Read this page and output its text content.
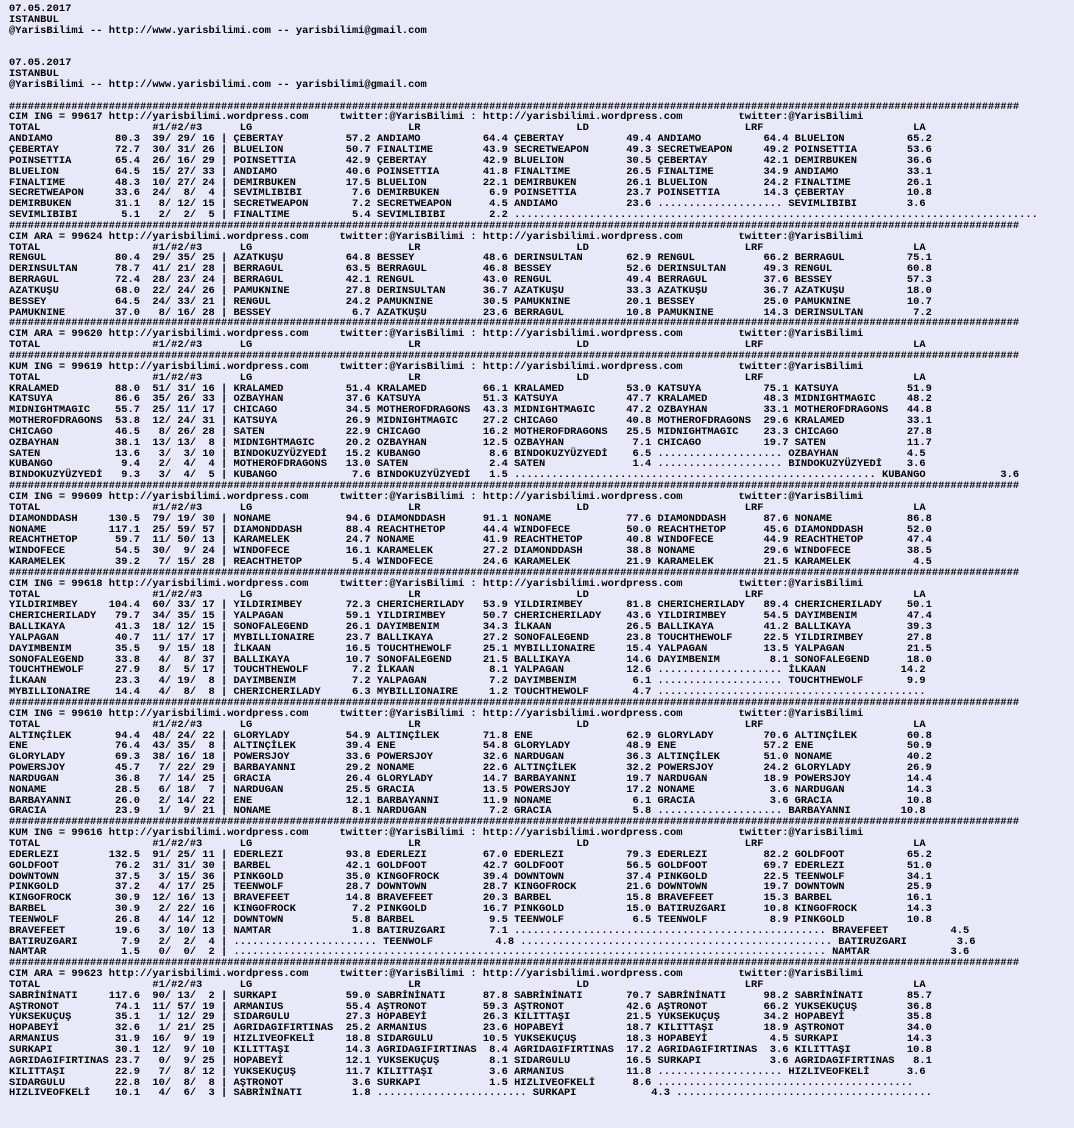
07.05.2017
ISTANBUL
@YarisBilimi -- http://www.yarisbilimi.com -- yarisbilimi@gmail.com

07.05.2017
ISTANBUL
@YarisBilimi -- http://www.yarisbilimi.com -- yarisbilimi@gmail.com

##################################################################################################################################################################
CIM ING = 99617 http://yarisbilimi.wordpress.com     twitter:@YarisBilimi : http://yarisbilimi.wordpress.com         twitter:@YarisBilimi
TOTAL                  #1/#2/#3      LG                         LR                         LD                         LRF                        LA
ANDIAMO          80.3  39/ 29/ 16 | ÇEBERTAY          57.2 ANDIAMO          64.4 ÇEBERTAY          49.4 ANDIAMO          64.4 BLUELION          65.2
ÇEBERTAY         72.7  30/ 31/ 26 | BLUELION          50.7 FINALTIME        43.9 SECRETWEAPON      49.3 SECRETWEAPON     49.2 POINSETTIA        53.6
POINSETTIA       65.4  26/ 16/ 29 | POINSETTIA        42.9 ÇEBERTAY         42.9 BLUELION          30.5 ÇEBERTAY         42.1 DEMIRBUKEN        36.6
BLUELION         64.5  15/ 27/ 33 | ANDIAMO           40.6 POINSETTIA       41.8 FINALTIME         26.5 FINALTIME        34.9 ANDIAMO           33.1
FINALTIME        48.3  10/ 27/ 24 | DEMIRBUKEN        17.5 BLUELION         22.1 DEMIRBUKEN        26.1 BLUELION         24.2 FINALTIME         26.1
SECRETWEAPON     33.6  24/  8/  4 | SEVIMLIBIBI        7.6 DEMIRBUKEN        6.9 POINSETTIA        23.7 POINSETTIA       14.3 ÇEBERTAY          10.8
DEMIRBUKEN       31.1   8/ 12/ 15 | SECRETWEAPON       7.2 SECRETWEAPON      4.5 ANDIAMO           23.6 .................... SEVIMLIBIBI        3.6
SEVIMLIBIBI       5.1   2/  2/  5 | FINALTIME          5.4 SEVIMLIBIBI       2.2 ....................................................................................
##################################################################################################################################################################
CIM ARA = 99624 http://yarisbilimi.wordpress.com     twitter:@YarisBilimi : http://yarisbilimi.wordpress.com         twitter:@YarisBilimi
TOTAL                  #1/#2/#3      LG                         LR                         LD                         LRF                        LA
RENGUL           80.4  29/ 35/ 25 | AZATKUŞU          64.8 BESSEY           48.6 DERINSULTAN       62.9 RENGUL           66.2 BERRAGUL          75.1
DERINSULTAN      78.7  41/ 21/ 28 | BERRAGUL          63.5 BERRAGUL         46.8 BESSEY            52.6 DERINSULTAN      49.3 RENGUL            60.8
BERRAGUL         72.4  28/ 23/ 24 | BERRAGUL          42.1 RENGUL           43.0 RENGUL            49.4 BERRAGUL         37.6 BESSEY            57.3
AZATKUŞU         68.0  22/ 24/ 26 | PAMUKNINE         27.8 DERINSULTAN      36.7 AZATKUŞU          33.3 AZATKUŞU         36.7 AZATKUŞU          18.0
BESSEY           64.5  24/ 33/ 21 | RENGUL            24.2 PAMUKNINE        30.5 PAMUKNINE         20.1 BESSEY           25.0 PAMUKNINE         10.7
PAMUKNINE        37.0   8/ 16/ 28 | BESSEY             6.7 AZATKUŞU         23.6 BERRAGUL          10.8 PAMUKNINE        14.3 DERINSULTAN        7.2
##################################################################################################################################################################
CIM ARA = 99620 http://yarisbilimi.wordpress.com     twitter:@YarisBilimi : http://yarisbilimi.wordpress.com         twitter:@YarisBilimi
TOTAL                  #1/#2/#3      LG                         LR                         LD                         LRF                        LA
##################################################################################################################################################################
KUM ING = 99619 http://yarisbilimi.wordpress.com     twitter:@YarisBilimi : http://yarisbilimi.wordpress.com         twitter:@YarisBilimi
TOTAL                  #1/#2/#3      LG                         LR                         LD                         LRF                        LA
KRALAMED         88.0  51/ 31/ 16 | KRALAMED          51.4 KRALAMED         66.1 KRALAMED          53.0 KATSUYA          75.1 KATSUYA           51.9
KATSUYA          86.6  35/ 26/ 33 | OZBAYHAN          37.6 KATSUYA          51.3 KATSUYA           47.7 KRALAMED         48.3 MIDNIGHTMAGIC     48.2
MIDNIGHTMAGIC    55.7  25/ 11/ 17 | CHICAGO           34.5 MOTHEROFDRAGONS  43.3 MIDNIGHTMAGIC     47.2 OZBAYHAN         33.1 MOTHEROFDRAGONS   44.8
MOTHEROFDRAGONS  53.8  12/ 24/ 31 | KATSUYA           26.9 MIDNIGHTMAGIC    27.2 CHICAGO           40.8 MOTHEROFDRAGONS  29.6 KRALAMED          33.1
CHICAGO          46.5   8/ 26/ 28 | SATEN             22.9 CHICAGO          16.2 MOTHEROFDRAGONS   25.5 MIDNIGHTMAGIC    23.3 CHICAGO           27.8
OZBAYHAN         38.1  13/ 13/  8 | MIDNIGHTMAGIC     20.2 OZBAYHAN         12.5 OZBAYHAN           7.1 CHICAGO          19.7 SATEN             11.7
SATEN            13.6   3/  3/ 10 | BINDOKUZYÜZYEDİ   15.2 KUBANGO           8.6 BINDOKUZYÜZYEDİ    6.5 .................... OZBAYHAN           4.5
KUBANGO           9.4   2/  4/  4 | MOTHEROFDRAGONS   13.0 SATEN             2.4 SATEN              1.4 .................... BINDOKUZYÜZYEDİ    3.6
BINDOKUZYÜZYEDİ   9.3   3/  4/  5 | KUBANGO            7.6 BINDOKUZYÜZYEDİ   1.5 .......................................................... KUBANGO            3.6
##################################################################################################################################################################
CIM ING = 99609 http://yarisbilimi.wordpress.com     twitter:@YarisBilimi : http://yarisbilimi.wordpress.com         twitter:@YarisBilimi
TOTAL                  #1/#2/#3      LG                         LR                         LD                         LRF                        LA
DIAMONDDASH     130.5  79/ 19/ 30 | NONAME            94.6 DIAMONDDASH      91.1 NONAME            77.6 DIAMONDDASH      87.6 NONAME            86.8
NONAME          117.1  25/ 59/ 57 | DIAMONDDASH       88.4 REACHTHETOP      44.4 WINDOFECE         50.0 REACHTHETOP      45.6 DIAMONDDASH       52.0
REACHTHETOP      59.7  11/ 50/ 13 | KARAMELEK         24.7 NONAME           41.9 REACHTHETOP       40.8 WINDOFECE        44.9 REACHTHETOP       47.4
WINDOFECE        54.5  30/  9/ 24 | WINDOFECE         16.1 KARAMELEK        27.2 DIAMONDDASH       38.8 NONAME           29.6 WINDOFECE         38.5
KARAMELEK        39.2   7/ 15/ 28 | REACHTHETOP        5.4 WINDOFECE        24.6 KARAMELEK         21.9 KARAMELEK        21.5 KARAMELEK          4.5
##################################################################################################################################################################
CIM ING = 99618 http://yarisbilimi.wordpress.com     twitter:@YarisBilimi : http://yarisbilimi.wordpress.com         twitter:@YarisBilimi
TOTAL                  #1/#2/#3      LG                         LR                         LD                         LRF                        LA
YILDIRIMBEY     104.4  60/ 33/ 17 | YILDIRIMBEY       72.3 CHERICHERILADY   53.9 YILDIRIMBEY       81.8 CHERICHERILADY   89.4 CHERICHERILADY    50.1
CHERICHERILADY   79.7  34/ 35/ 15 | YALPAGAN          59.1 YILDIRIMBEY      50.7 CHERICHERILADY    43.6 YILDIRIMBEY      54.5 DAYIMBENIM        47.4
BALLIKAYA        41.3  18/ 12/ 15 | SONOFALEGEND      26.1 DAYIMBENIM       34.3 İLKAAN            26.5 BALLIKAYA        41.2 BALLIKAYA         39.3
YALPAGAN         40.7  11/ 17/ 17 | MYBILLIONAIRE     23.7 BALLIKAYA        27.2 SONOFALEGEND      23.8 TOUCHTHEWOLF     22.5 YILDIRIMBEY       27.8
DAYIMBENIM       35.5   9/ 15/ 18 | İLKAAN            16.5 TOUCHTHEWOLF     25.1 MYBILLIONAIRE     15.4 YALPAGAN         13.5 YALPAGAN          21.5
SONOFALEGEND     33.8   4/  8/ 37 | BALLIKAYA         10.7 SONOFALEGEND     21.5 BALLIKAYA         14.6 DAYIMBENIM        8.1 SONOFALEGEND      18.0
TOUCHTHEWOLF     27.9   8/  5/ 17 | TOUCHTHEWOLF       7.2 İLKAAN            8.1 YALPAGAN          12.6 .................... İLKAAN            14.2
İLKAAN           23.3   4/ 19/  8 | DAYIMBENIM         7.2 YALPAGAN          7.2 DAYIMBENIM         6.1 .................... TOUCHTHEWOLF       9.9
MYBILLIONAIRE    14.4   4/  8/  8 | CHERICHERILADY     6.3 MYBILLIONAIRE     1.2 TOUCHTHEWOLF       4.7 ...........................................
##################################################################################################################################################################
CIM ING = 99610 http://yarisbilimi.wordpress.com     twitter:@YarisBilimi : http://yarisbilimi.wordpress.com         twitter:@YarisBilimi
TOTAL                  #1/#2/#3      LG                         LR                         LD                         LRF                        LA
ALTINÇİLEK       94.4  48/ 24/ 22 | GLORYLADY         54.9 ALTINÇİLEK       71.8 ENE               62.9 GLORYLADY        70.6 ALTINÇİLEK        60.8
ENE              76.4  43/ 35/  8 | ALTINÇİLEK        39.4 ENE              54.8 GLORYLADY         48.9 ENE              57.2 ENE               50.9
GLORYLADY        69.3  38/ 16/ 18 | POWERSJOY         33.6 POWERSJOY        32.6 NARDUGAN          36.3 ALTINÇİLEK       51.0 NONAME            40.2
POWERSJOY        45.7   7/ 22/ 29 | BARBAYANNI        29.2 NONAME           22.6 ALTINÇİLEK        32.2 POWERSJOY        24.2 GLORYLADY         26.9
NARDUGAN         36.8   7/ 14/ 25 | GRACIA            26.4 GLORYLADY        14.7 BARBAYANNI        19.7 NARDUGAN         18.9 POWERSJOY         14.4
NONAME           28.5   6/ 18/  7 | NARDUGAN          25.5 GRACIA           13.5 POWERSJOY         17.2 NONAME            3.6 NARDUGAN          14.3
BARBAYANNI       26.0   2/ 14/ 22 | ENE               12.1 BARBAYANNI       11.9 NONAME             6.1 GRACIA            3.6 GRACIA            10.8
GRACIA           23.9   1/  9/ 21 | NONAME             8.1 NARDUGAN          7.2 GRACIA             5.8 .................... BARBAYANNI        10.8
##################################################################################################################################################################
KUM ING = 99616 http://yarisbilimi.wordpress.com     twitter:@YarisBilimi : http://yarisbilimi.wordpress.com         twitter:@YarisBilimi
TOTAL                  #1/#2/#3      LG                         LR                         LD                         LRF                        LA
EDERLEZI        132.5  91/ 25/ 11 | EDERLEZI          93.8 EDERLEZI         67.0 EDERLEZI          79.3 EDERLEZI         82.2 GOLDFOOT          65.2
GOLDFOOT         76.2  31/ 31/ 30 | BARBEL            42.1 GOLDFOOT         42.7 GOLDFOOT          56.5 GOLDFOOT         69.7 EDERLEZI          51.0
DOWNTOWN         37.5   3/ 15/ 36 | PINKGOLD          35.0 KINGOFROCK       39.4 DOWNTOWN          37.4 PINKGOLD         22.5 TEENWOLF          34.1
PINKGOLD         37.2   4/ 17/ 25 | TEENWOLF          28.7 DOWNTOWN         28.7 KINGOFROCK        21.6 DOWNTOWN         19.7 DOWNTOWN          25.9
KINGOFROCK       30.9  12/ 16/ 13 | BRAVEFEET         14.8 BRAVEFEET        20.3 BARBEL            15.8 BRAVEFEET        15.3 BARBEL            16.1
BARBEL           30.9   2/ 22/ 16 | KINGOFROCK         7.2 PINKGOLD         16.7 PINKGOLD          15.0 BATIRUZGARI      10.8 KINGOFROCK        14.3
TEENWOLF         26.8   4/ 14/ 12 | DOWNTOWN           5.8 BARBEL            9.5 TEENWOLF           6.5 TEENWOLF          8.9 PINKGOLD          10.8
BRAVEFEET        19.6   3/ 10/ 13 | NAMTAR             1.8 BATIRUZGARI       7.1 .................................................. BRAVEFEET          4.5
BATIRUZGARI       7.9   2/  2/  4 | ....................... TEENWOLF          4.8 .................................................. BATIRUZGARI        3.6
NAMTAR            1.5   0/  0/  2 | ............................................................................................... NAMTAR             3.6
##################################################################################################################################################################
CIM ARA = 99623 http://yarisbilimi.wordpress.com     twitter:@YarisBilimi : http://yarisbilimi.wordpress.com         twitter:@YarisBilimi
TOTAL                  #1/#2/#3      LG                         LR                         LD                         LRF                        LA
SABRİNİNATI     117.6  90/ 13/  2 | SURKAPI           59.0 SABRİNİNATI      87.8 SABRİNİNATI       70.7 SABRİNİNATI      98.2 SABRİNİNATI       85.7
AŞTRONOT         74.1  11/ 57/ 19 | ARMANIUS          55.4 AŞTRONOT         59.3 AŞTRONOT          42.6 AŞTRONOT         66.2 YUKSEKUÇUŞ        36.8
YUKSEKUÇUŞ       35.1   1/ 12/ 29 | SIDARGULU         27.3 HOPABEYİ         26.3 KILITTAŞI         21.5 YUKSEKUÇUŞ       34.2 HOPABEYİ          35.8
HOPABEYİ         32.6   1/ 21/ 25 | AGRIDAGIFIRTINAS  25.2 ARMANIUS         23.6 HOPABEYİ          18.7 KILITTAŞI        18.9 AŞTRONOT          34.0
ARMANIUS         31.9  16/  9/ 19 | HIZLIVEOFKELİ     18.8 SIDARGULU        10.5 YUKSEKUÇUŞ        18.3 HOPABEYİ          4.5 SURKAPI           14.3
SURKAPI          30.1  12/  9/ 10 | KILITTAŞI         14.3 AGRIDAGIFIRTINAS  8.4 AGRIDAGIFIRTINAS  17.2 AGRIDAGIFIRTINAS  3.6 KILITTAŞI         10.8
AGRIDAGIFIRTINAS 23.7   0/  9/ 25 | HOPABEYİ          12.1 YUKSEKUÇUŞ        8.1 SIDARGULU         16.5 SURKAPI           3.6 AGRIDAGIFIRTINAS   8.1
KILITTAŞI        22.9   7/  8/ 12 | YUKSEKUÇUŞ        11.7 KILITTAŞI         3.6 ARMANIUS          11.8 .................... HIZLIVEOFKELİ      3.6
SIDARGULU        22.8  10/  8/  8 | AŞTRONOT           3.6 SURKAPI           1.5 HIZLIVEOFKELİ      8.6 .........................................
HIZLIVEOFKELİ    10.1   4/  6/  3 | SABRİNİNATI        1.8 ........................ SURKAPI            4.3 .........................................
